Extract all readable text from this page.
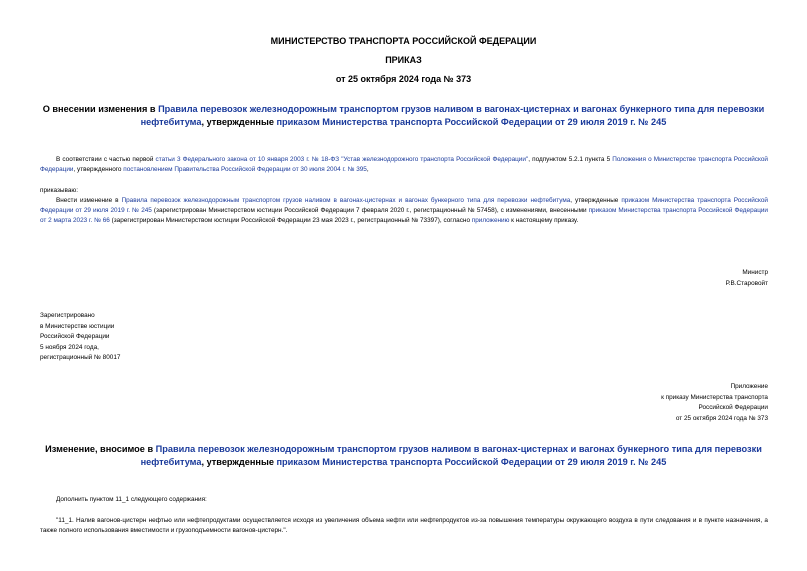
МИНИСТЕРСТВО ТРАНСПОРТА РОССИЙСКОЙ ФЕДЕРАЦИИ
ПРИКАЗ
от 25 октября 2024 года № 373
О внесении изменения в Правила перевозок железнодорожным транспортом грузов наливом в вагонах-цистернах и вагонах бункерного типа для перевозки нефтебитума, утвержденные приказом Министерства транспорта Российской Федерации от 29 июля 2019 г. № 245
В соответствии с частью первой статьи 3 Федерального закона от 10 января 2003 г. № 18-ФЗ "Устав железнодорожного транспорта Российской Федерации", подпунктом 5.2.1 пункта 5 Положения о Министерстве транспорта Российской Федерации, утвержденного постановлением Правительства Российской Федерации от 30 июля 2004 г. № 395,
приказываю:
Внести изменение в Правила перевозок железнодорожным транспортом грузов наливом в вагонах-цистернах и вагонах бункерного типа для перевозки нефтебитума, утвержденные приказом Министерства транспорта Российской Федерации от 29 июля 2019 г. № 245 (зарегистрирован Министерством юстиции Российской Федерации 7 февраля 2020 г., регистрационный № 57458), с изменениями, внесенными приказом Министерства транспорта Российской Федерации от 2 марта 2023 г. № 66 (зарегистрирован Министерством юстиции Российской Федерации 23 мая 2023 г., регистрационный № 73397), согласно приложению к настоящему приказу.
Министр
Р.В.Старовойт
Зарегистрировано
в Министерстве юстиции
Российской Федерации
5 ноября 2024 года,
регистрационный № 80017
Приложение
к приказу Министерства транспорта
Российской Федерации
от 25 октября 2024 года № 373
Изменение, вносимое в Правила перевозок железнодорожным транспортом грузов наливом в вагонах-цистернах и вагонах бункерного типа для перевозки нефтебитума, утвержденные приказом Министерства транспорта Российской Федерации от 29 июля 2019 г. № 245
Дополнить пунктом 11_1 следующего содержания:
"11_1. Налив вагонов-цистерн нефтью или нефтепродуктами осуществляется исходя из увеличения объема нефти или нефтепродуктов из-за повышения температуры окружающего воздуха в пути следования и в пункте назначения, а также полного использования вместимости и грузоподъемности вагонов-цистерн.".
